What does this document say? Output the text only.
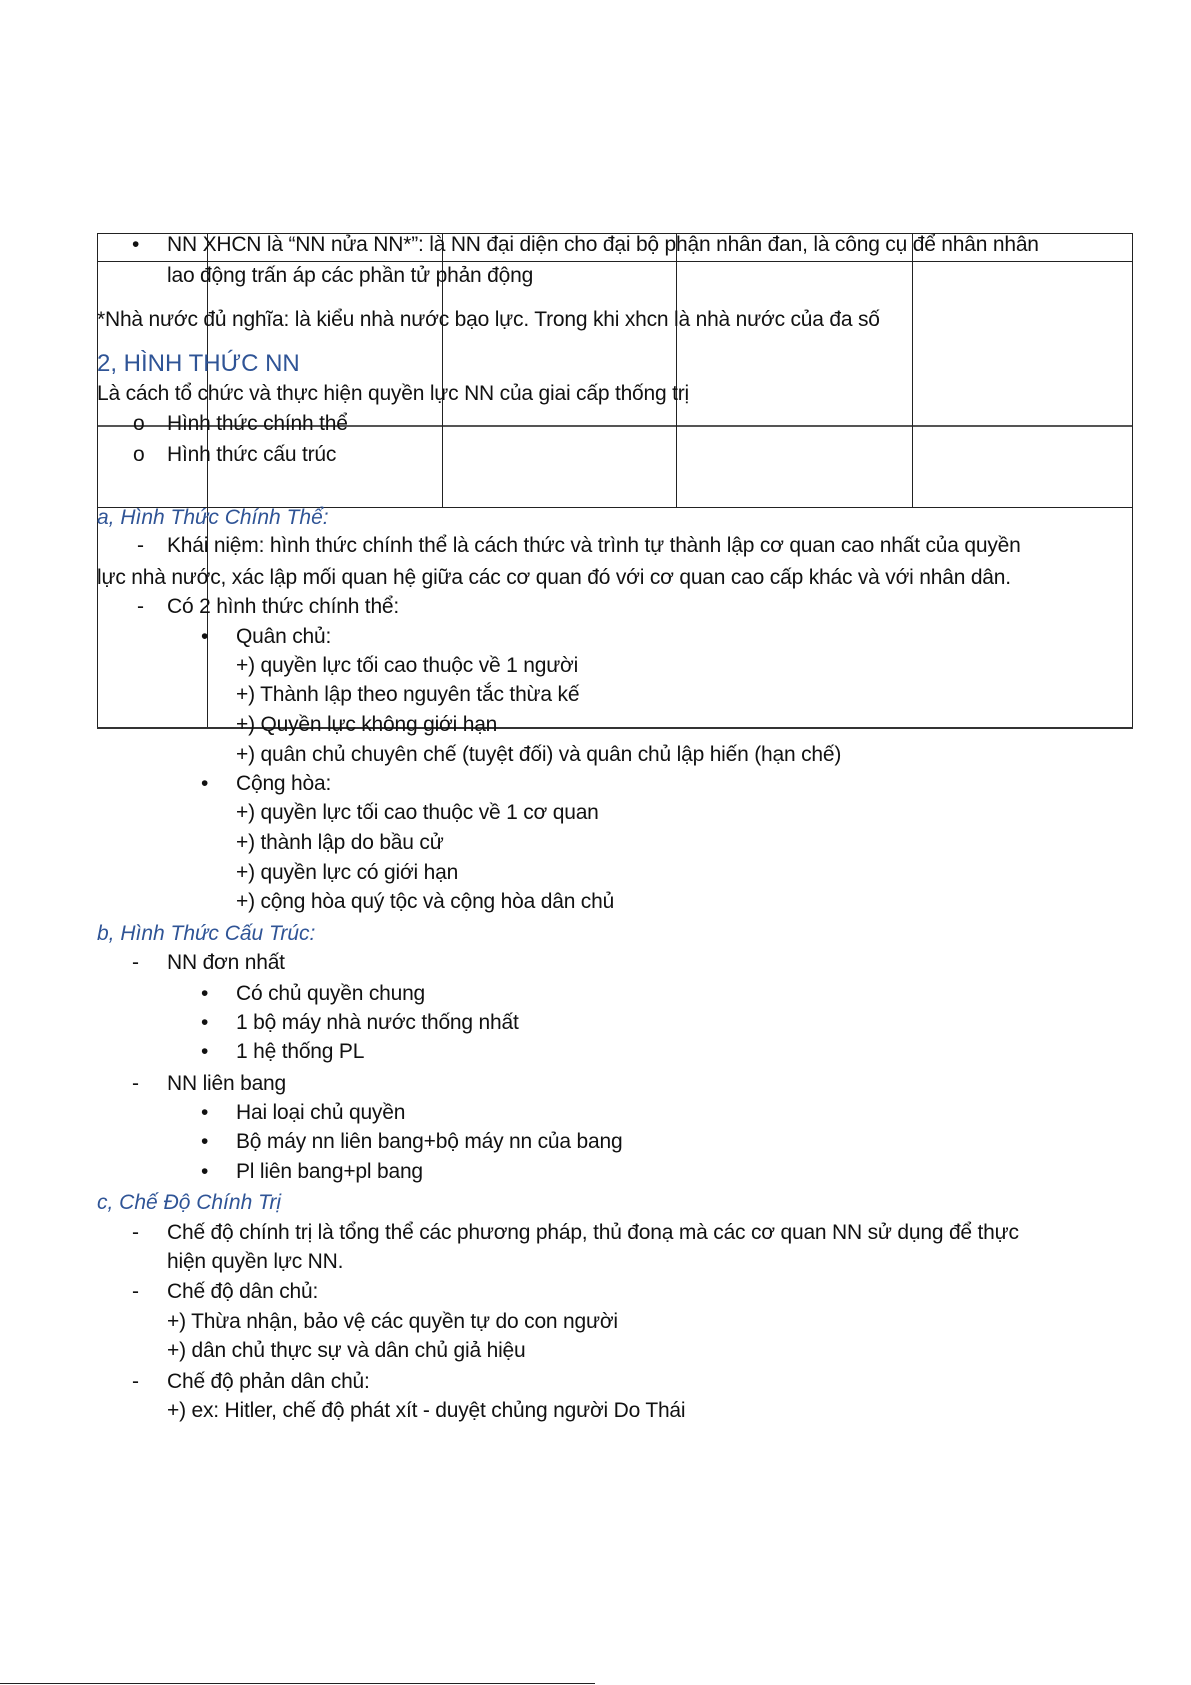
• NN XHCN là “NN nửa NN*”: là NN đại diện cho đại bộ phận nhân đan, là công cụ để nhân nhân
lao động trấn áp các phần tử phản động
*Nhà nước đủ nghĩa: là kiểu nhà nước bạo lực. Trong khi xhcn là nhà nước của đa số
2, HÌNH THỨC NN
Là cách tổ chức và thực hiện quyền lực NN của giai cấp thống trị
o Hình thức chính thể
o Hình thức cấu trúc
a, Hình Thức Chính Thể:
- Khái niệm: hình thức chính thể là cách thức và trình tự thành lập cơ quan cao nhất của quyền
lực nhà nước, xác lập mối quan hệ giữa các cơ quan đó với cơ quan cao cấp khác và với nhân dân.
- Có 2 hình thức chính thể:
• Quân chủ:
+) quyền lực tối cao thuộc về 1 người
+) Thành lập theo nguyên tắc thừa kế
+) Quyền lực không giới hạn
+) quân chủ chuyên chế (tuyệt đối) và quân chủ lập hiến (hạn chế)
• Cộng hòa:
+) quyền lực tối cao thuộc về 1 cơ quan
+) thành lập do bầu cử
+) quyền lực có giới hạn
+) cộng hòa quý tộc và cộng hòa dân chủ
b, Hình Thức Cấu Trúc:
- NN đơn nhất
• Có chủ quyền chung
• 1 bộ máy nhà nước thống nhất
• 1 hệ thống PL
- NN liên bang
• Hai loại chủ quyền
• Bộ máy nn liên bang+bộ máy nn của bang
• Pl liên bang+pl bang
c, Chế Độ Chính Trị
- Chế độ chính trị là tổng thể các phương pháp, thủ đonạ mà các cơ quan NN sử dụng để thực
hiện quyền lực NN.
- Chế độ dân chủ:
+) Thừa nhận, bảo vệ các quyền tự do con người
+) dân chủ thực sự và dân chủ giả hiệu
- Chế độ phản dân chủ:
+) ex: Hitler, chế độ phát xít - duyệt chủng người Do Thái
